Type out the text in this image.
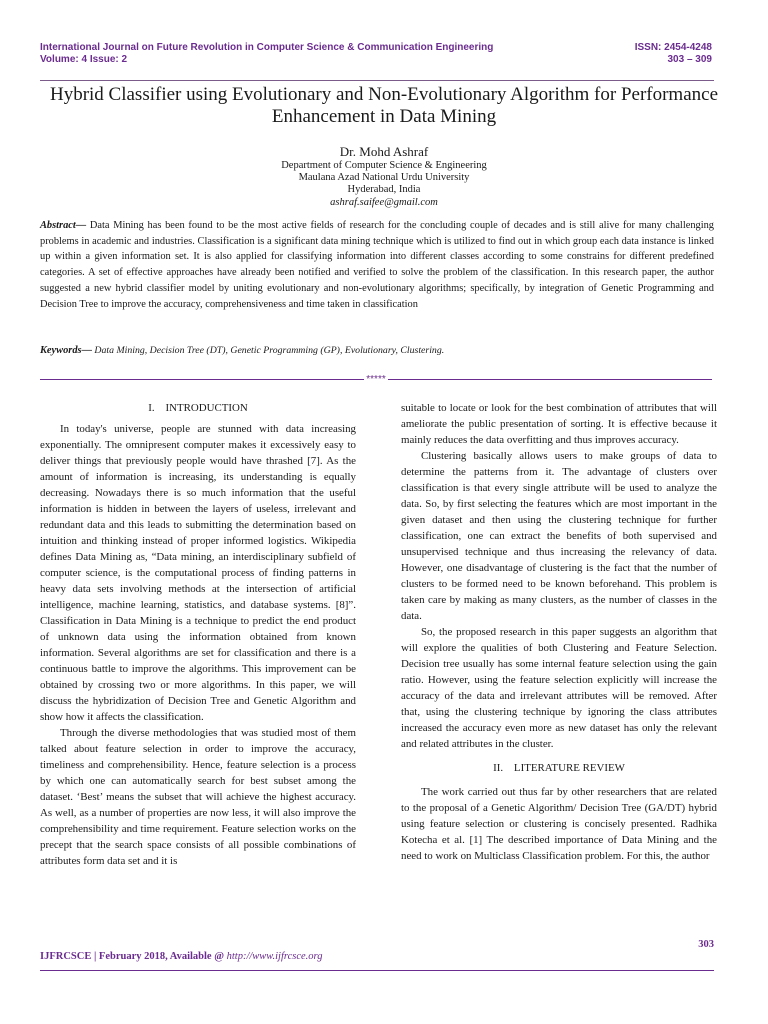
International Journal on Future Revolution in Computer Science & Communication Engineering	ISSN: 2454-4248
Volume: 4 Issue: 2	303 – 309
Hybrid Classifier using Evolutionary and Non-Evolutionary Algorithm for Performance Enhancement in Data Mining
Dr. Mohd Ashraf
Department of Computer Science & Engineering
Maulana Azad National Urdu University
Hyderabad, India
ashraf.saifee@gmail.com

Abstract— Data Mining has been found to be the most active fields of research for the concluding couple of decades and is still alive for many challenging problems in academic and industries. Classification is a significant data mining technique which is utilized to find out in which group each data instance is linked up within a given information set. It is also applied for classifying information into different classes according to some constrains for different predefined categories. A set of effective approaches have already been notified and verified to solve the problem of the classification. In this research paper, the author suggested a new hybrid classifier model by uniting evolutionary and non-evolutionary algorithms; specifically, by integration of Genetic Programming and Decision Tree to improve the accuracy, comprehensiveness and time taken in classification

Keywords— Data Mining, Decision Tree (DT), Genetic Programming (GP), Evolutionary, Clustering.
*****
I. INTRODUCTION

In today's universe, people are stunned with data increasing exponentially. The omnipresent computer makes it excessively easy to deliver things that previously people would have thrashed [7]. As the amount of information is increasing, its understanding is equally decreasing. Nowadays there is so much information that the useful information is hidden in between the layers of useless, irrelevant and redundant data and this leads to submitting the determination based on intuition and thinking instead of proper informed logistics. Wikipedia defines Data Mining as, “Data mining, an interdisciplinary subfield of computer science, is the computational process of finding patterns in heavy data sets involving methods at the intersection of artificial intelligence, machine learning, statistics, and database systems. [8]”. Classification in Data Mining is a technique to predict the end product of unknown data using the information obtained from known information. Several algorithms are set for classification and there is a continuous battle to improve the algorithms. This improvement can be obtained by crossing two or more algorithms. In this paper, we will discuss the hybridization of Decision Tree and Genetic Algorithm and show how it affects the classification.

Through the diverse methodologies that was studied most of them talked about feature selection in order to improve the accuracy, timeliness and comprehensibility. Hence, feature selection is a process by which one can automatically search for best subset among the dataset. ‘Best’ means the subset that will achieve the highest accuracy. As well, as a number of properties are now less, it will also improve the comprehensibility and time requirement. Feature selection works on the precept that the search space consists of all possible combinations of attributes form data set and it is

suitable to locate or look for the best combination of attributes that will ameliorate the public presentation of sorting. It is effective because it mainly reduces the data overfitting and thus improves accuracy.

Clustering basically allows users to make groups of data to determine the patterns from it. The advantage of clusters over classification is that every single attribute will be used to analyze the data. So, by first selecting the features which are most important in the given dataset and then using the clustering technique for further classification, one can extract the benefits of both supervised and unsupervised technique and thus increasing the relevancy of data. However, one disadvantage of clustering is the fact that the number of clusters to be formed need to be known beforehand. This problem is taken care by making as many clusters, as the number of classes in the data.

So, the proposed research in this paper suggests an algorithm that will explore the qualities of both Clustering and Feature Selection. Decision tree usually has some internal feature selection using the gain ratio. However, using the feature selection explicitly will increase the accuracy of the data and irrelevant attributes will be removed. After that, using the clustering technique by ignoring the class attributes increased the accuracy even more as new dataset has only the relevant and related attributes in the cluster.

II. LITERATURE REVIEW

The work carried out thus far by other researchers that are related to the proposal of a Genetic Algorithm/ Decision Tree (GA/DT) hybrid using feature selection or clustering is concisely presented. Radhika Kotecha et al. [1] The described importance of Data Mining and the need to work on Multiclass Classification problem. For this, the author

303
IJFRCSCE | February 2018, Available @ http://www.ijfrcsce.org
